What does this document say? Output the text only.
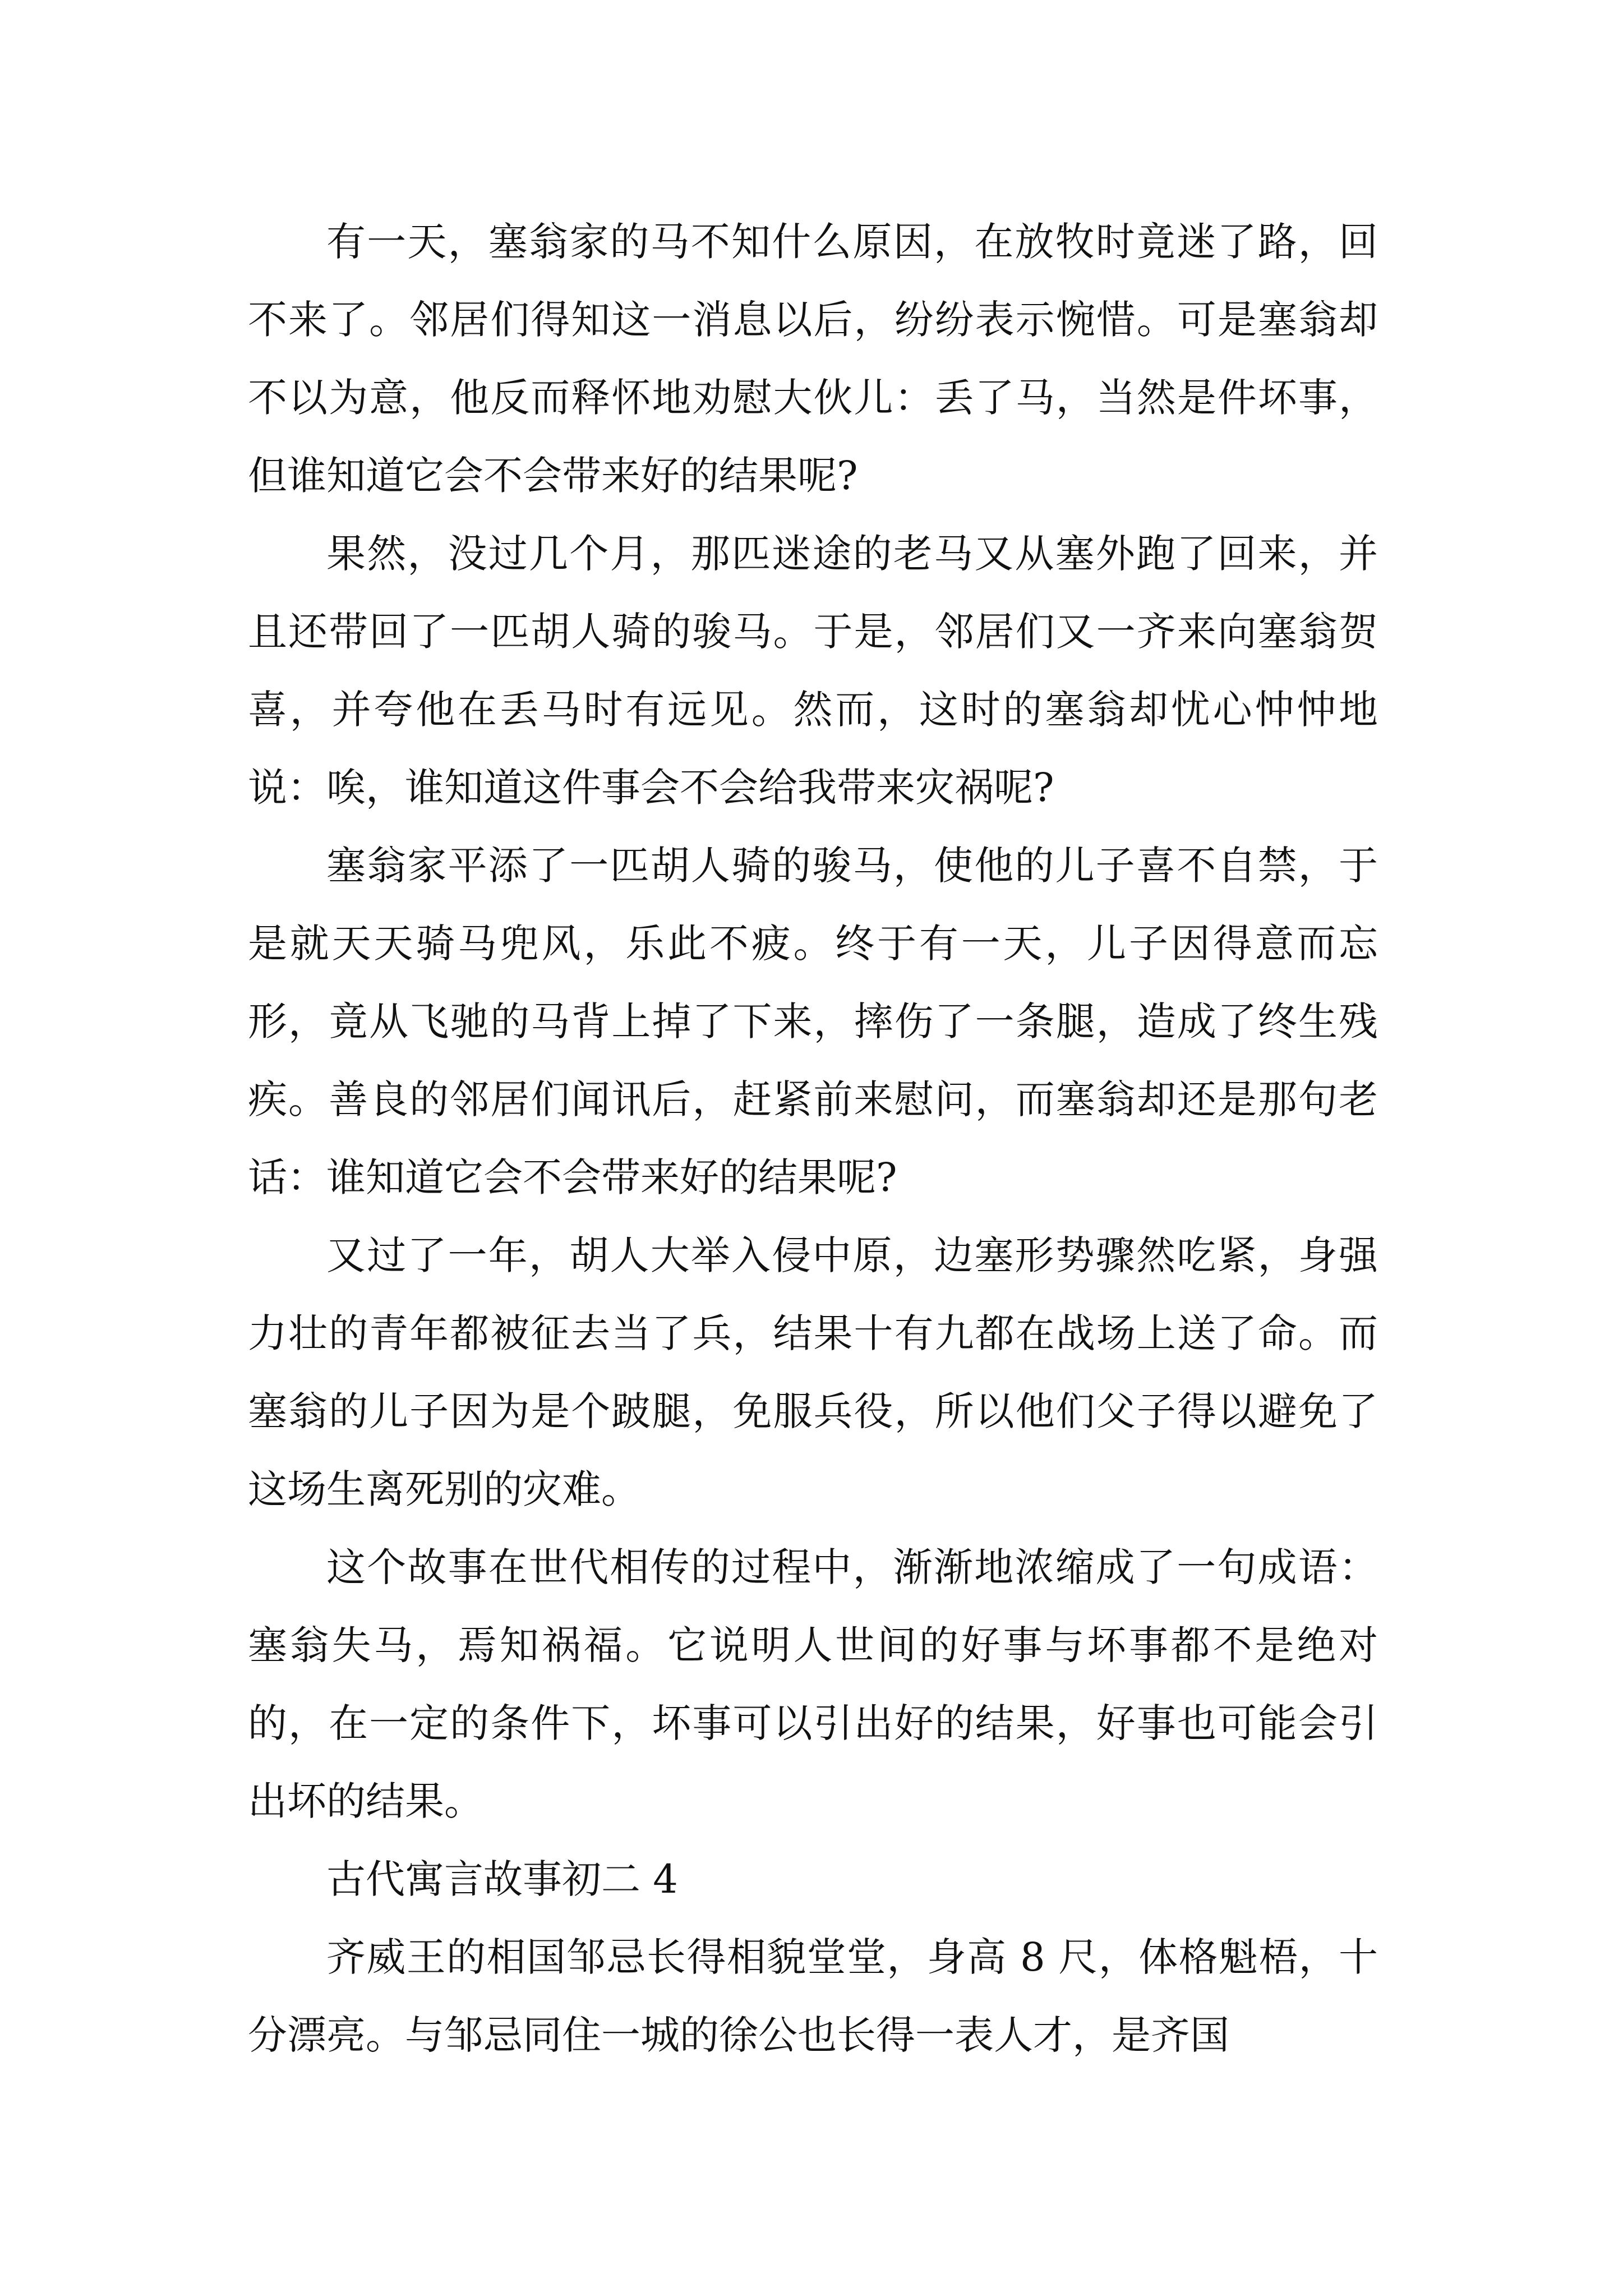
有一天，塞翁家的马不知什么原因，在放牧时竟迷了路，回不来了。邻居们得知这一消息以后，纷纷表示惋惜。可是塞翁却不以为意，他反而释怀地劝慰大伙儿：丢了马，当然是件坏事，但谁知道它会不会带来好的结果呢?

果然，没过几个月，那匹迷途的老马又从塞外跑了回来，并且还带回了一匹胡人骑的骏马。于是，邻居们又一齐来向塞翁贺喜，并夸他在丢马时有远见。然而，这时的塞翁却忧心忡忡地说：唉，谁知道这件事会不会给我带来灾祸呢?

塞翁家平添了一匹胡人骑的骏马，使他的儿子喜不自禁，于是就天天骑马兜风，乐此不疲。终于有一天，儿子因得意而忘形，竟从飞驰的马背上掉了下来，摔伤了一条腿，造成了终生残疾。善良的邻居们闻讯后，赶紧前来慰问，而塞翁却还是那句老话：谁知道它会不会带来好的结果呢?

又过了一年，胡人大举入侵中原，边塞形势骤然吃紧，身强力壮的青年都被征去当了兵，结果十有九都在战场上送了命。而塞翁的儿子因为是个跛腿，免服兵役，所以他们父子得以避免了这场生离死别的灾难。

这个故事在世代相传的过程中，渐渐地浓缩成了一句成语：塞翁失马，焉知祸福。它说明人世间的好事与坏事都不是绝对的，在一定的条件下，坏事可以引出好的结果，好事也可能会引出坏的结果。

古代寓言故事初二 4

齐威王的相国邹忌长得相貌堂堂，身高 8 尺，体格魁梧，十分漂亮。与邹忌同住一城的徐公也长得一表人才，是齐国
